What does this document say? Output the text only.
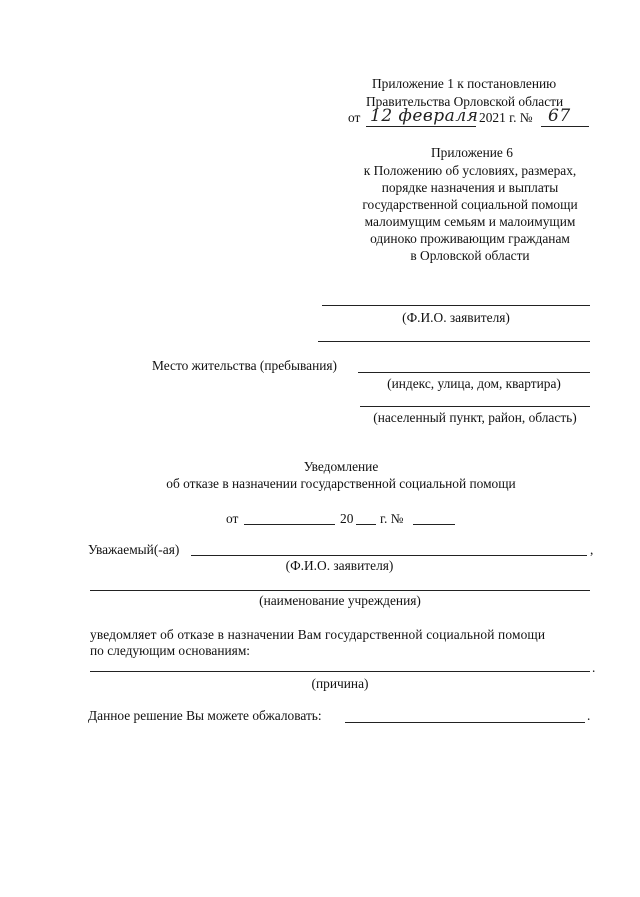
Приложение 1 к постановлению
Правительства Орловской области
от 12 февраля 2021 г. № 67
Приложение 6
к Положению об условиях, размерах,
порядке назначения и выплаты
государственной социальной помощи
малоимущим семьям и малоимущим
одиноко проживающим гражданам
в Орловской области
(Ф.И.О. заявителя)
Место жительства (пребывания)
(индекс, улица, дом, квартира)
(населенный пункт, район, область)
Уведомление
об отказе в назначении государственной социальной помощи
от	20 г. №
Уважаемый(-ая)	,
(Ф.И.О. заявителя)
(наименование учреждения)
уведомляет об отказе в назначении Вам государственной социальной помощи
по следующим основаниям:
.
(причина)
Данное решение Вы можете обжаловать:	.
